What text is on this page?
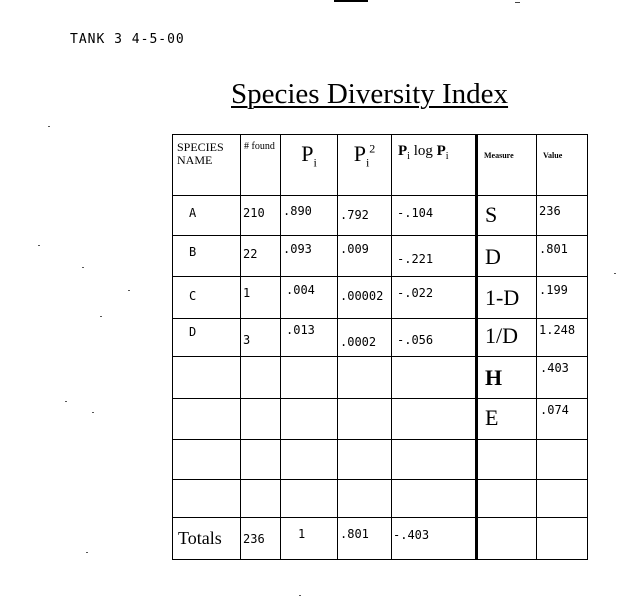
TANK 3 4-5-00
Species Diversity Index
SPECIES NAME	# found	$P_i$	$P_i^2$	$P_i$ $\log P_i$	Measure	Value

A	210	.890	.792	-.104	S	236

B	22	.093	.009	-.221	D	.801

C	1	.004	.00002	-.022	1-D	.199

D	3	.013	.0002	-.056	1/D	1.248

					H	.403

					E	.074

Totals	236	1	.801	-.403		
